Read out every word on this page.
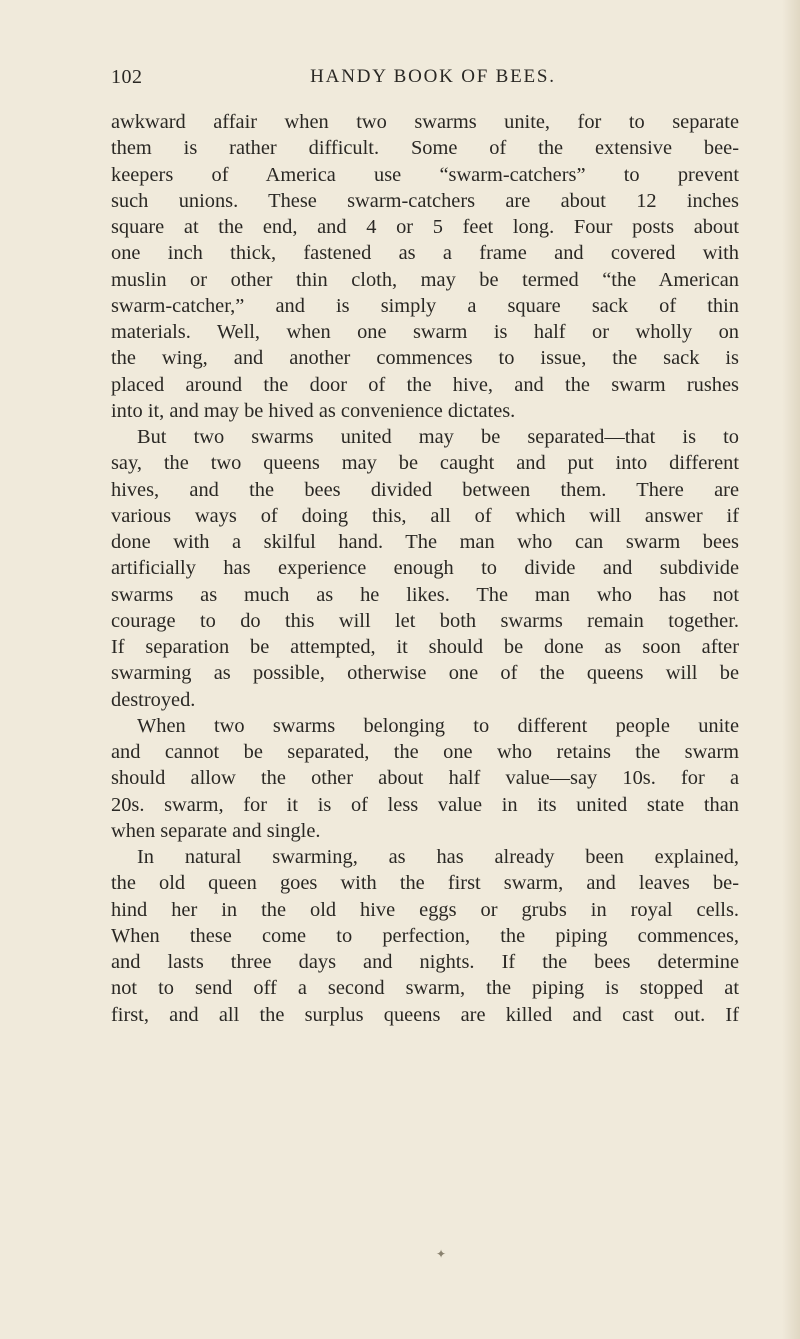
102	HANDY BOOK OF BEES.
awkward affair when two swarms unite, for to separate
them is rather difficult. Some of the extensive bee-
keepers of America use “swarm-catchers” to prevent
such unions. These swarm-catchers are about 12 inches
square at the end, and 4 or 5 feet long. Four posts about
one inch thick, fastened as a frame and covered with
muslin or other thin cloth, may be termed “the American
swarm-catcher,” and is simply a square sack of thin
materials. Well, when one swarm is half or wholly on
the wing, and another commences to issue, the sack is
placed around the door of the hive, and the swarm rushes
into it, and may be hived as convenience dictates.
But two swarms united may be separated—that is to
say, the two queens may be caught and put into different
hives, and the bees divided between them. There are
various ways of doing this, all of which will answer if
done with a skilful hand. The man who can swarm bees
artificially has experience enough to divide and subdivide
swarms as much as he likes. The man who has not
courage to do this will let both swarms remain together.
If separation be attempted, it should be done as soon after
swarming as possible, otherwise one of the queens will be
destroyed.
When two swarms belonging to different people unite
and cannot be separated, the one who retains the swarm
should allow the other about half value—say 10s. for a
20s. swarm, for it is of less value in its united state than
when separate and single.
In natural swarming, as has already been explained,
the old queen goes with the first swarm, and leaves be-
hind her in the old hive eggs or grubs in royal cells.
When these come to perfection, the piping commences,
and lasts three days and nights. If the bees determine
not to send off a second swarm, the piping is stopped at
first, and all the surplus queens are killed and cast out. If
✦
